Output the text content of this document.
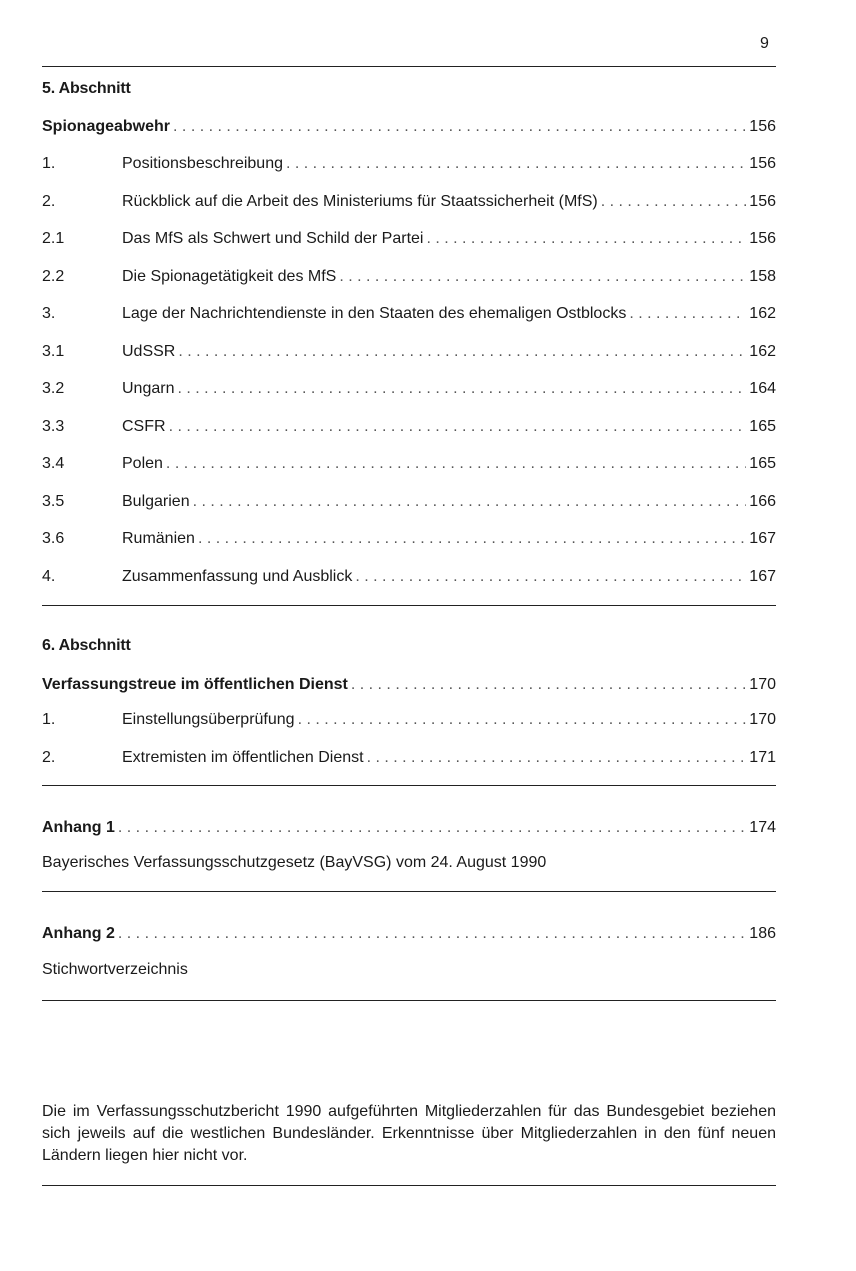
9
5. Abschnitt
Spionageabwehr . . .	156
1.	Positionsbeschreibung . . .	156
2.	Rückblick auf die Arbeit des Ministeriums für Staatssicherheit (MfS) . . .	156
2.1	Das MfS als Schwert und Schild der Partei . . .	156
2.2	Die Spionagetätigkeit des MfS . . .	158
3.	Lage der Nachrichtendienste in den Staaten des ehemaligen Ostblocks . . .	162
3.1	UdSSR . . .	162
3.2	Ungarn . . .	164
3.3	CSFR . . .	165
3.4	Polen . . .	165
3.5	Bulgarien . . .	166
3.6	Rumänien . . .	167
4.	Zusammenfassung und Ausblick . . .	167
6. Abschnitt
Verfassungstreue im öffentlichen Dienst . . .	170
1.	Einstellungsüberprüfung . . .	170
2.	Extremisten im öffentlichen Dienst . . .	171
Anhang 1 . . .	174
Bayerisches Verfassungsschutzgesetz (BayVSG) vom 24. August 1990
Anhang 2 . . .	186
Stichwortverzeichnis
Die im Verfassungsschutzbericht 1990 aufgeführten Mitgliederzahlen für das Bundesgebiet beziehen sich jeweils auf die westlichen Bundesländer. Erkenntnisse über Mitgliederzahlen in den fünf neuen Ländern liegen hier nicht vor.
